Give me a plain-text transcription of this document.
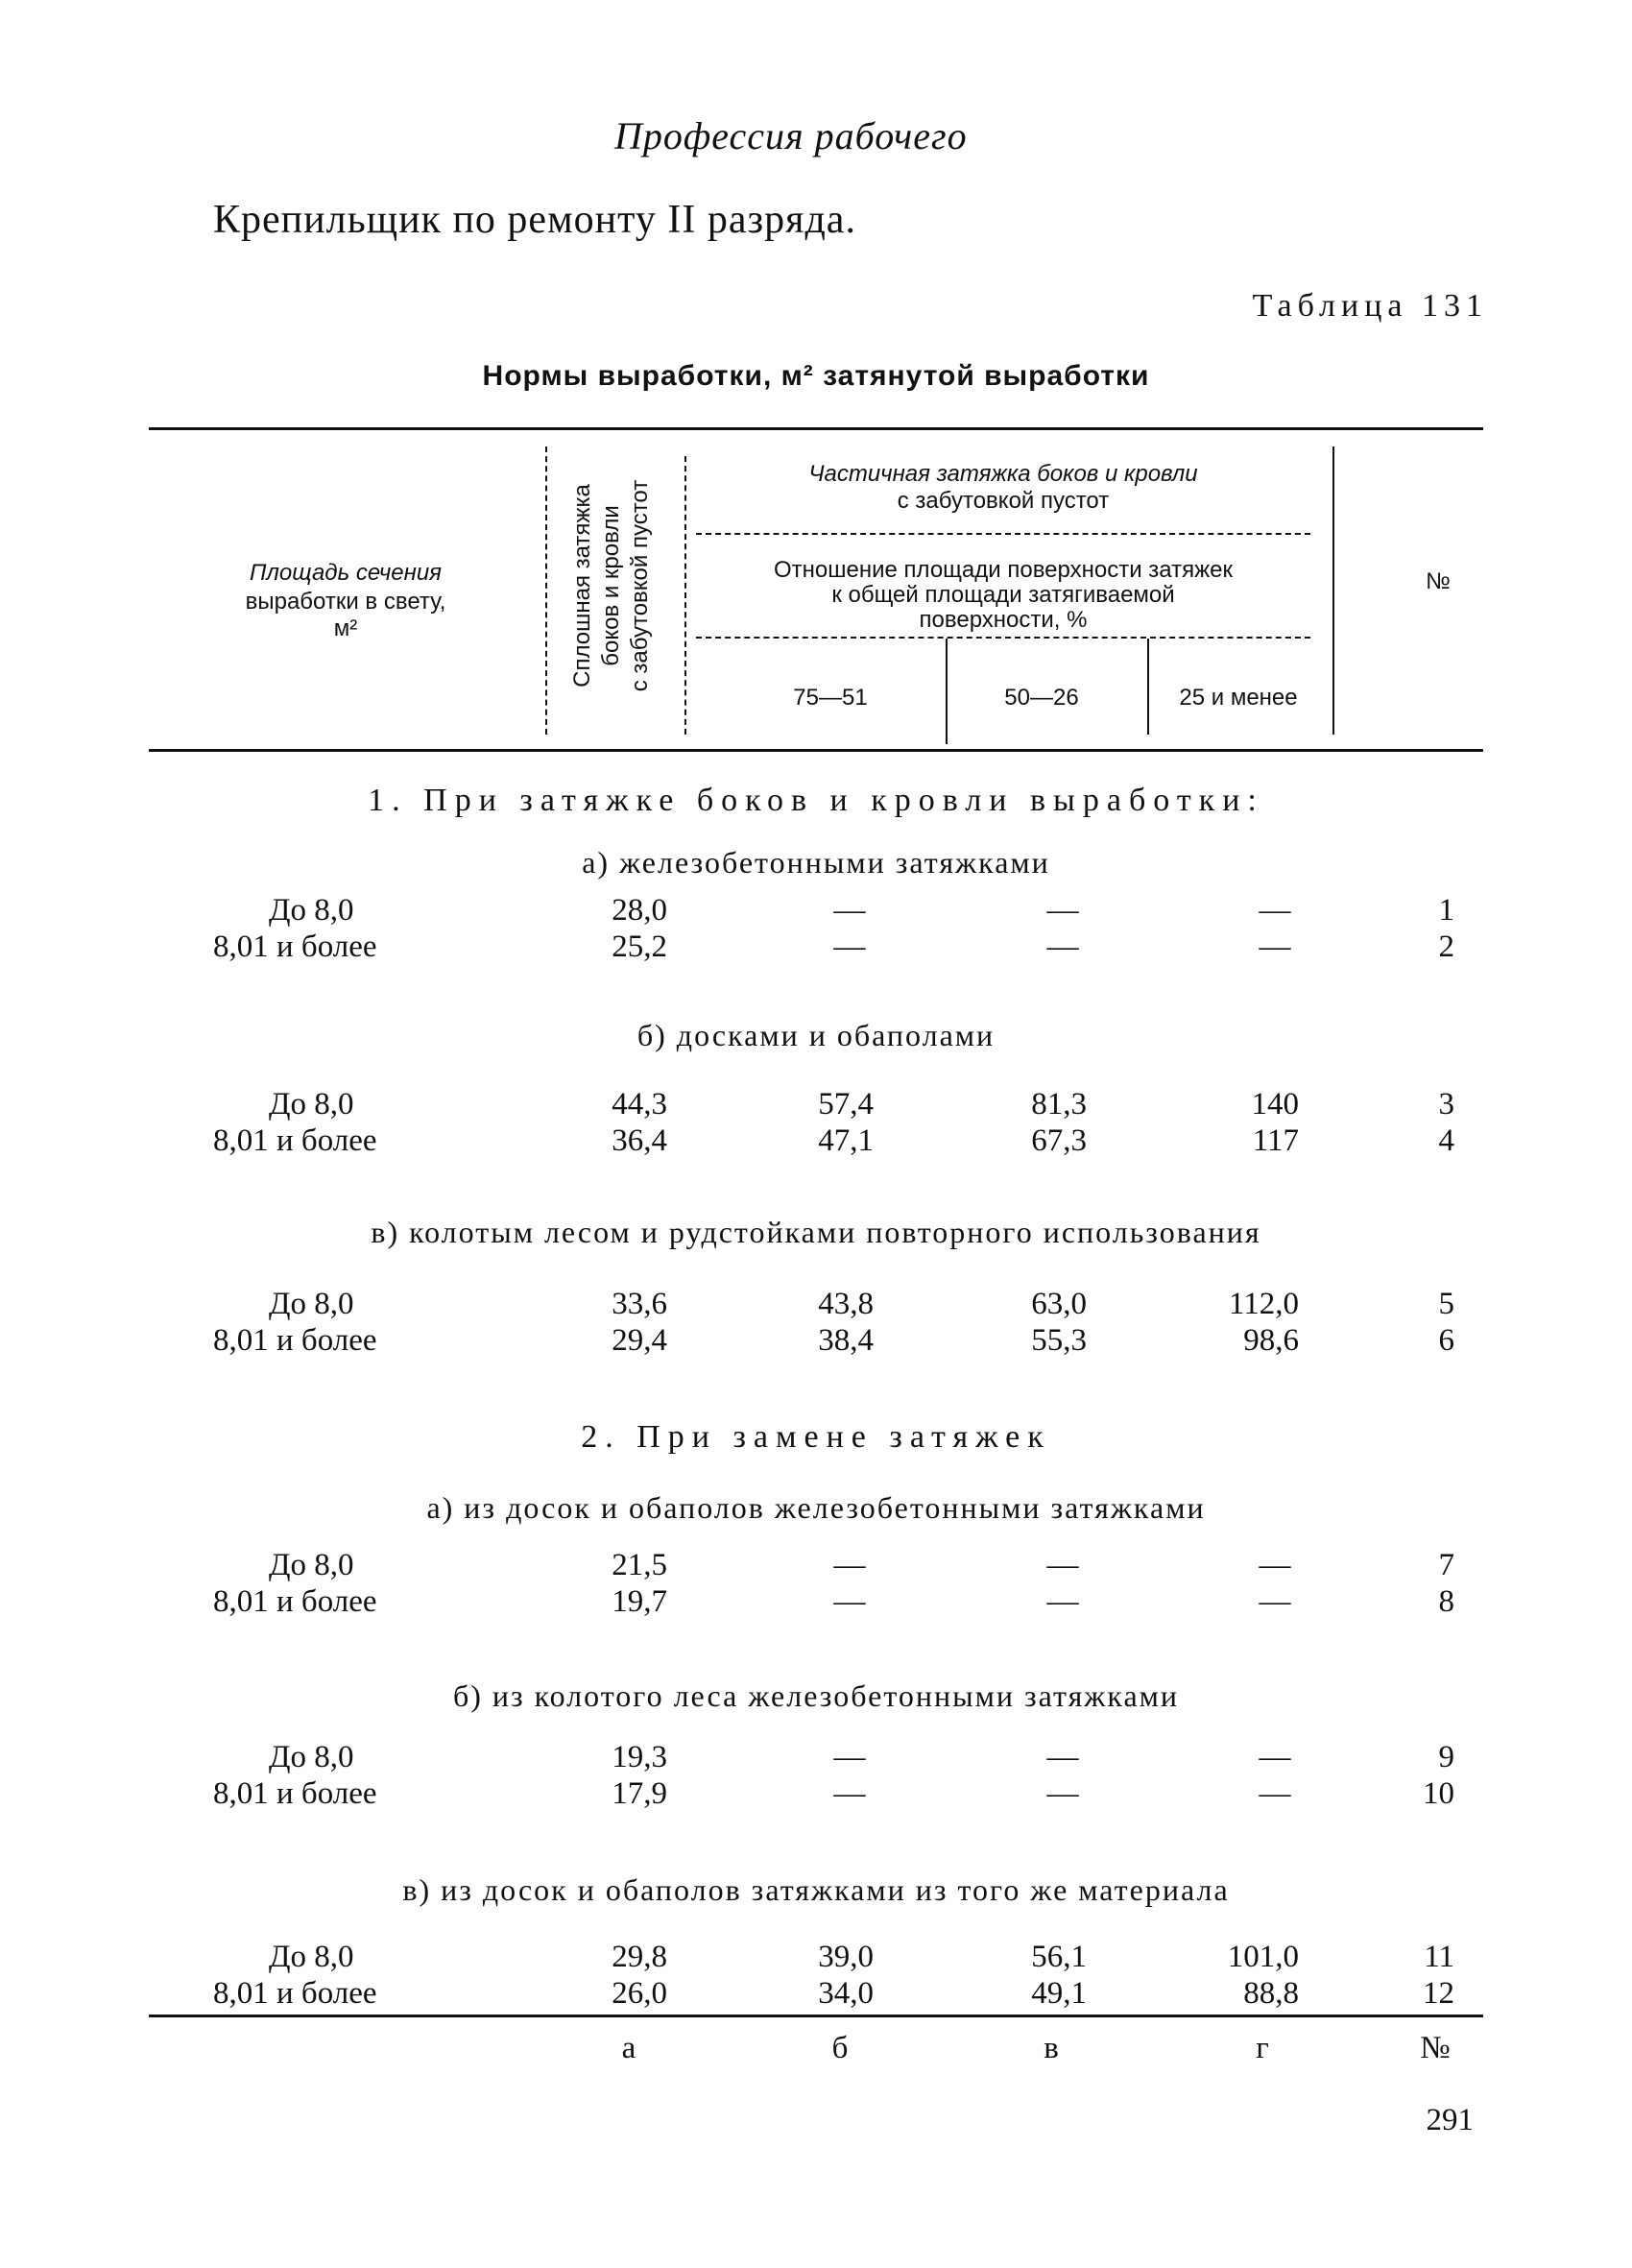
Профессия рабочего
Крепильщик по ремонту II разряда.
Таблица 131
Нормы выработки, м² затянутой выработки
Площадь сечения
выработки в свету,
м²	Сплошная затяжка боков и кровли с забутовкой пустот
Частичная затяжка боков и кровли
с забутовкой пустот
Отношение площади поверхности затяжек
к общей площади затягиваемой
поверхности, %
75—51	50—26	25 и менее
№
1. При затяжке боков и кровли выработки:
а) железобетонными затяжками
б) досками и обаполами
в) колотым лесом и рудстойками повторного использования
2. При замене затяжек
а) из досок и обаполов железобетонными затяжками
б) из колотого леса железобетонными затяжками
в) из досок и обаполов затяжками из того же материала
До 8,0	28,0	—	—	—	1
8,01 и более	25,2	—	—	—	2
До 8,0	44,3	57,4	81,3	140	3
8,01 и более	36,4	47,1	67,3	117	4
До 8,0	33,6	43,8	63,0	112,0	5
8,01 и более	29,4	38,4	55,3	98,6	6
До 8,0	21,5	—	—	—	7
8,01 и более	19,7	—	—	—	8
До 8,0	19,3	—	—	—	9
8,01 и более	17,9	—	—	—	10
До 8,0	29,8	39,0	56,1	101,0	11
8,01 и более	26,0	34,0	49,1	88,8	12
а	б	в	г	№
291
